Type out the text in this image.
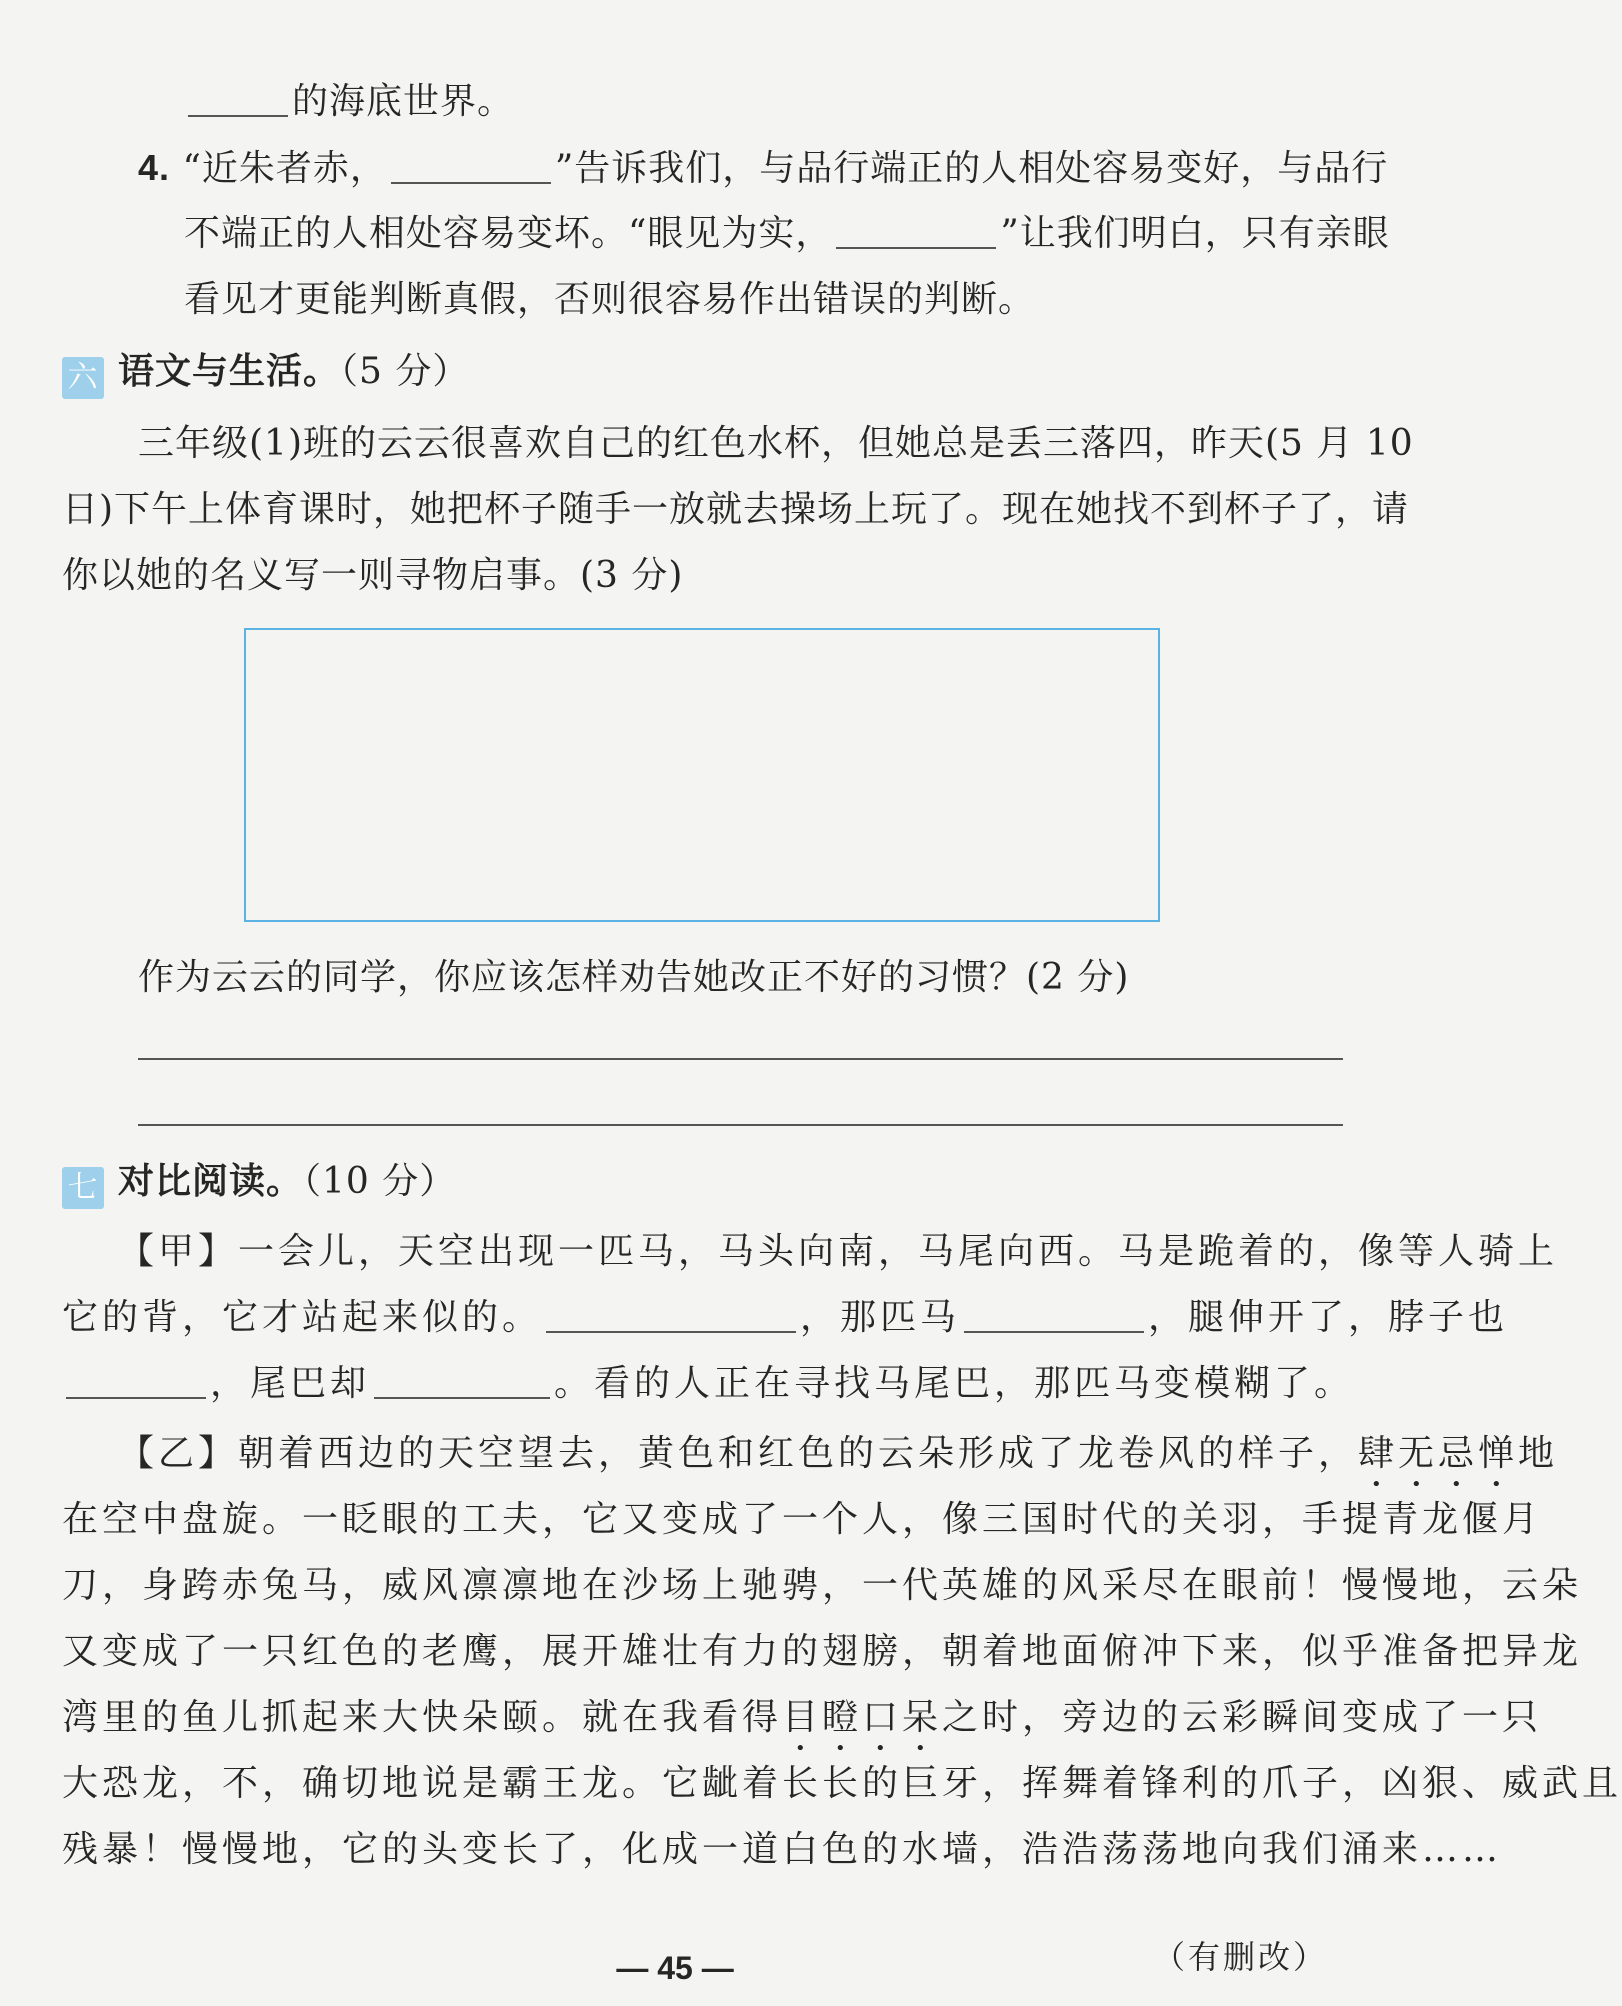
的海底世界。
4. “近朱者赤，	”告诉我们，与品行端正的人相处容易变好，与品行
不端正的人相处容易变坏。“眼见为实，	”让我们明白，只有亲眼
看见才更能判断真假，否则很容易作出错误的判断。
六 语文与生活。（5 分）
三年级(1)班的云云很喜欢自己的红色水杯，但她总是丢三落四，昨天(5 月 10
日)下午上体育课时，她把杯子随手一放就去操场上玩了。现在她找不到杯子了，请
你以她的名义写一则寻物启事。(3 分)
作为云云的同学，你应该怎样劝告她改正不好的习惯？(2 分)
七 对比阅读。（10 分）
【甲】一会儿，天空出现一匹马，马头向南，马尾向西。马是跪着的，像等人骑上
它的背，它才站起来似的。	，那匹马	，腿伸开了，脖子也
，尾巴却	。看的人正在寻找马尾巴，那匹马变模糊了。
【乙】朝着西边的天空望去，黄色和红色的云朵形成了龙卷风的样子，肆无忌惮地
在空中盘旋。一眨眼的工夫，它又变成了一个人，像三国时代的关羽，手提青龙偃月
刀，身跨赤兔马，威风凛凛地在沙场上驰骋，一代英雄的风采尽在眼前！慢慢地，云朵
又变成了一只红色的老鹰，展开雄壮有力的翅膀，朝着地面俯冲下来，似乎准备把异龙
湾里的鱼儿抓起来大快朵颐。就在我看得目瞪口呆之时，旁边的云彩瞬间变成了一只
大恐龙，不，确切地说是霸王龙。它龇着长长的巨牙，挥舞着锋利的爪子，凶狠、威武且
残暴！慢慢地，它的头变长了，化成一道白色的水墙，浩浩荡荡地向我们涌来……
（有删改）
— 45 —
